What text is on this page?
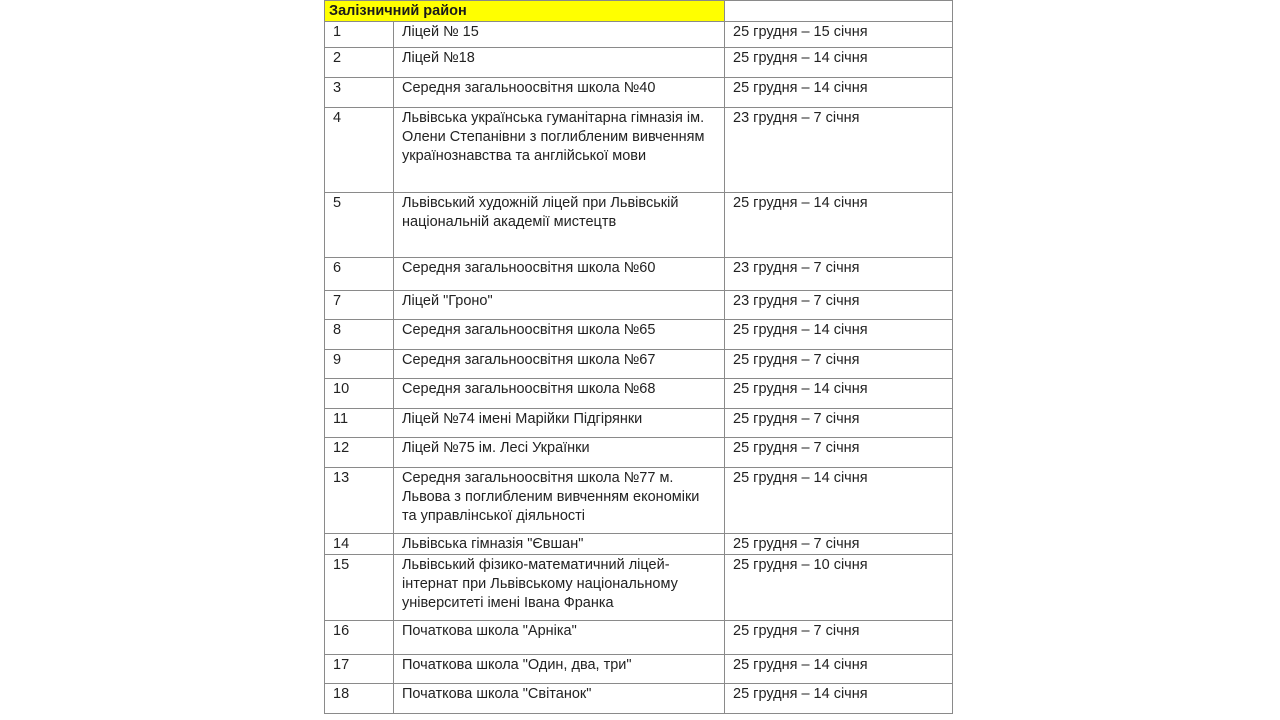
Залізничний район		
1	Ліцей № 15	25 грудня – 15 січня
2	Ліцей №18	25 грудня – 14 січня
3	Середня загальноосвітня школа №40	25 грудня – 14 січня
4	Львівська українська гуманітарна гімназія ім. Олени Степанівни з поглибленим вивченням українознавства та англійської мови	23 грудня – 7 січня
5	Львівський художній ліцей при Львівській національній академії мистецтв	25 грудня – 14 січня
6	Середня загальноосвітня школа №60	23 грудня – 7 січня
7	Ліцей "Гроно"	23 грудня – 7 січня
8	Середня загальноосвітня школа №65	25 грудня – 14 січня
9	Середня загальноосвітня школа №67	25 грудня – 7 січня
10	Середня загальноосвітня школа №68	25 грудня – 14 січня
11	Ліцей №74 імені Марійки Підгірянки	25 грудня – 7 січня
12	Ліцей №75 ім. Лесі Українки	25 грудня – 7 січня
13	Середня загальноосвітня школа №77 м. Львова з поглибленим вивченням економіки та управлінської діяльності	25 грудня – 14 січня
14	Львівська гімназія "Євшан"	25 грудня – 7 січня
15	Львівський фізико-математичний ліцей-інтернат при Львівському національному університеті імені Івана Франка	25 грудня – 10 січня
16	Початкова школа "Арніка"	25 грудня – 7 січня
17	Початкова школа "Один, два, три"	25 грудня – 14 січня
18	Початкова школа "Світанок"	25 грудня – 14 січня
